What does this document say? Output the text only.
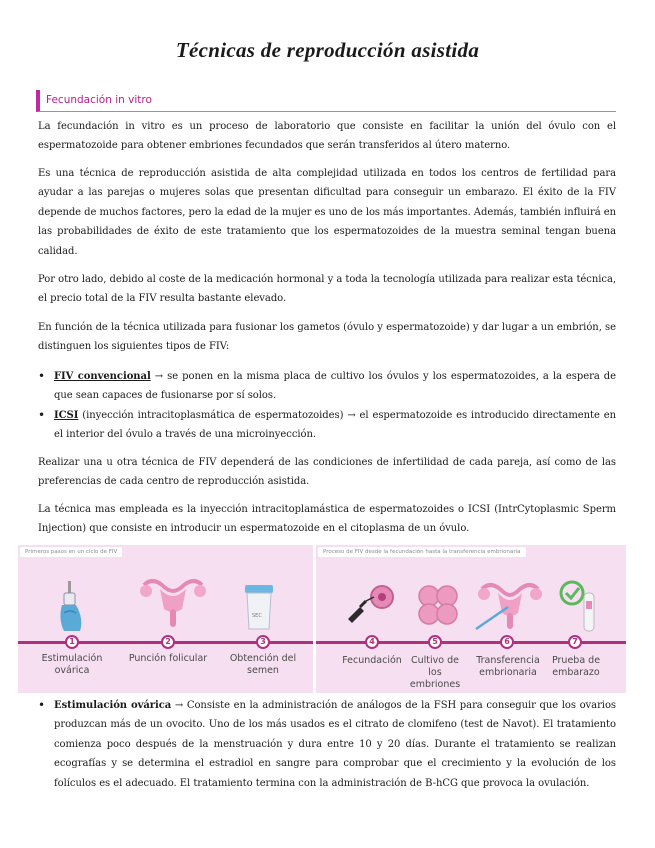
Técnicas de reproducción asistida
Fecundación in vitro

La fecundación in vitro es un proceso de laboratorio que consiste en facilitar la unión del óvulo con el espermatozoide para obtener embriones fecundados que serán transferidos al útero materno.

Es una técnica de reproducción asistida de alta complejidad utilizada en todos los centros de fertilidad para ayudar a las parejas o mujeres solas que presentan dificultad para conseguir un embarazo. El éxito de la FIV depende de muchos factores, pero la edad de la mujer es uno de los más importantes. Además, también influirá en las probabilidades de éxito de este tratamiento que los espermatozoides de la muestra seminal tengan buena calidad.

Por otro lado, debido al coste de la medicación hormonal y a toda la tecnología utilizada para realizar esta técnica, el precio total de la FIV resulta bastante elevado.

En función de la técnica utilizada para fusionar los gametos (óvulo y espermatozoide) y dar lugar a un embrión, se distinguen los siguientes tipos de FIV:

• FIV convencional → se ponen en la misma placa de cultivo los óvulos y los espermatozoides, a la espera de que sean capaces de fusionarse por sí solos.
• ICSI (inyección intracitoplasmática de espermatozoides) → el espermatozoide es introducido directamente en el interior del óvulo a través de una microinyección.

Realizar una u otra técnica de FIV dependerá de las condiciones de infertilidad de cada pareja, así como de las preferencias de cada centro de reproducción asistida.

La técnica mas empleada es la inyección intracitoplamástica de espermatozoides o ICSI (IntrCytoplasmic Sperm Injection) que consiste en introducir un espermatozoide en el citoplasma de un óvulo.

Primeros pasos en un ciclo de FIV
SEC
1	2	3
Estimulación ovárica
Punción folicular	Obtención del semen
Proceso de FIV desde la fecundación hasta la transferencia embrionaria
4	5	6	7
Fecundación Cultivo de los embriones
Transferencia embrionaria
Prueba de embarazo
• Estimulación ovárica → Consiste en la administración de análogos de la FSH para conseguir que los ovarios produzcan más de un ovocito. Uno de los más usados es el citrato de clomifeno (test de Navot). El tratamiento comienza poco después de la menstruación y dura entre 10 y 20 días. Durante el tratamiento se realizan ecografías y se determina el estradiol en sangre para comprobar que el crecimiento y la evolución de los folículos es el adecuado. El tratamiento termina con la administración de B-hCG que provoca la ovulación.
